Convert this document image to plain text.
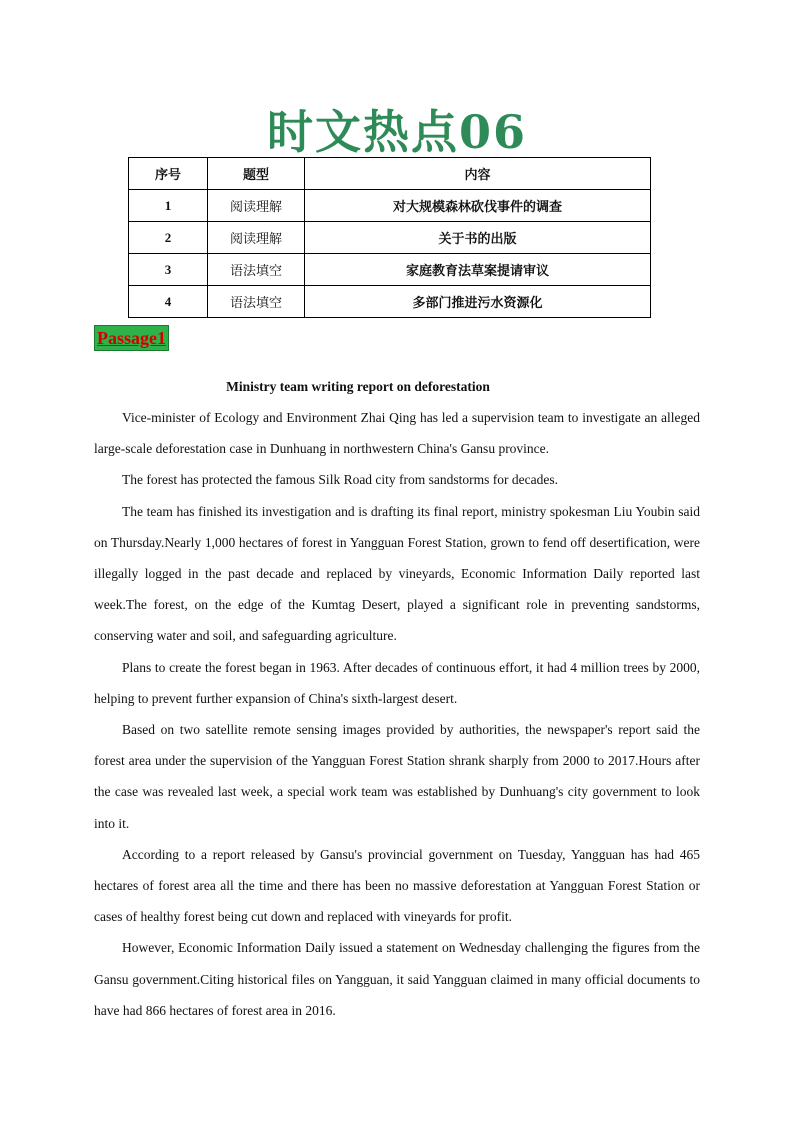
时文热点06
序号	题型	内容
1	阅读理解	对大规模森林砍伐事件的调查
2	阅读理解	关于书的出版
3	语法填空	家庭教育法草案提请审议
4	语法填空	多部门推进污水资源化
Passage1
Ministry team writing report on deforestation

Vice-minister of Ecology and Environment Zhai Qing has led a supervision team to investigate an alleged large-scale deforestation case in Dunhuang in northwestern China's Gansu province.

The forest has protected the famous Silk Road city from sandstorms for decades.

The team has finished its investigation and is drafting its final report, ministry spokesman Liu Youbin said on Thursday.Nearly 1,000 hectares of forest in Yangguan Forest Station, grown to fend off desertification, were illegally logged in the past decade and replaced by vineyards, Economic Information Daily reported last week.The forest, on the edge of the Kumtag Desert, played a significant role in preventing sandstorms, conserving water and soil, and safeguarding agriculture.

Plans to create the forest began in 1963. After decades of continuous effort, it had 4 million trees by 2000, helping to prevent further expansion of China's sixth-largest desert.

Based on two satellite remote sensing images provided by authorities, the newspaper's report said the forest area under the supervision of the Yangguan Forest Station shrank sharply from 2000 to 2017.Hours after the case was revealed last week, a special work team was established by Dunhuang's city government to look into it.

According to a report released by Gansu's provincial government on Tuesday, Yangguan has had 465 hectares of forest area all the time and there has been no massive deforestation at Yangguan Forest Station or cases of healthy forest being cut down and replaced with vineyards for profit.

However, Economic Information Daily issued a statement on Wednesday challenging the figures from the Gansu government.Citing historical files on Yangguan, it said Yangguan claimed in many official documents to have had 866 hectares of forest area in 2016.
